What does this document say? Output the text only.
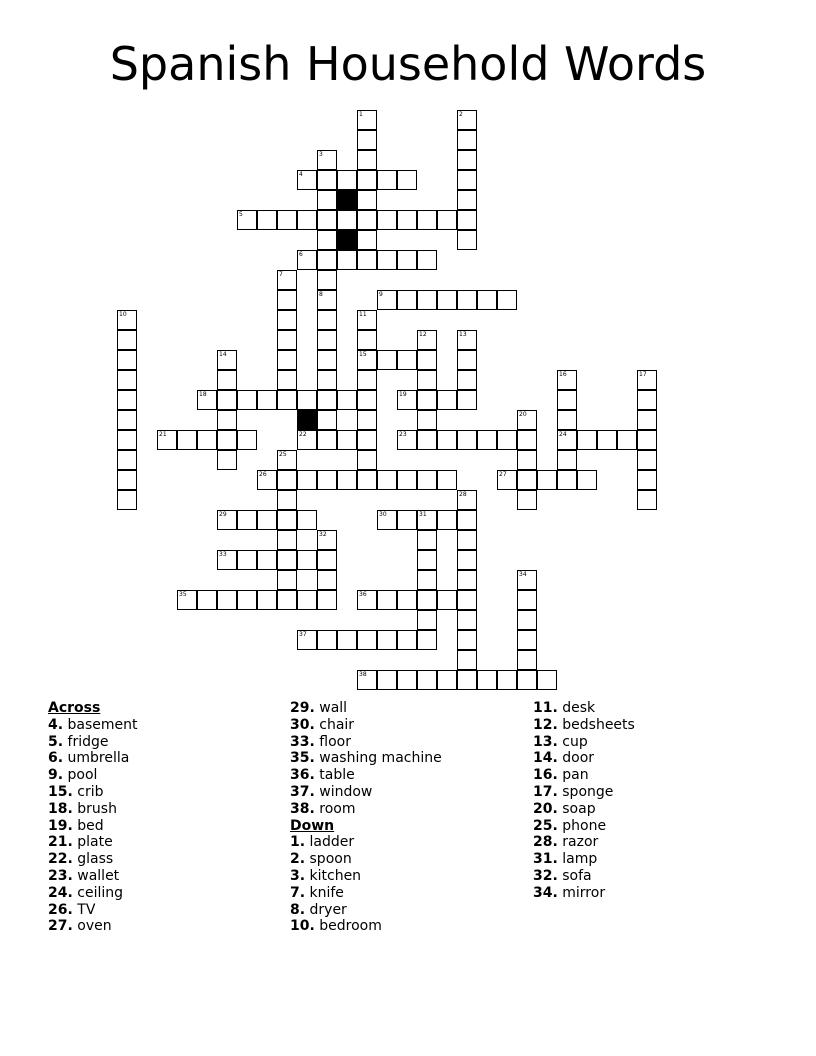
Spanish Household Words
1	2
3
4
5
6
7
8	9
10	11
15
12	13
14
16
24
17
18	19
20
21	22	23
25
26	27
28
29	30	31
32
33
34
35	36
37
38
Across
4. basement
5. fridge
6. umbrella
9. pool
15. crib
18. brush
19. bed
21. plate
22. glass
23. wallet
24. ceiling
26. TV
27. oven
29. wall
30. chair
33. floor
35. washing machine
36. table
37. window
38. room
Down
1. ladder
2. spoon
3. kitchen
7. knife
8. dryer
10. bedroom
11. desk
12. bedsheets
13. cup
14. door
16. pan
17. sponge
20. soap
25. phone
28. razor
31. lamp
32. sofa
34. mirror
